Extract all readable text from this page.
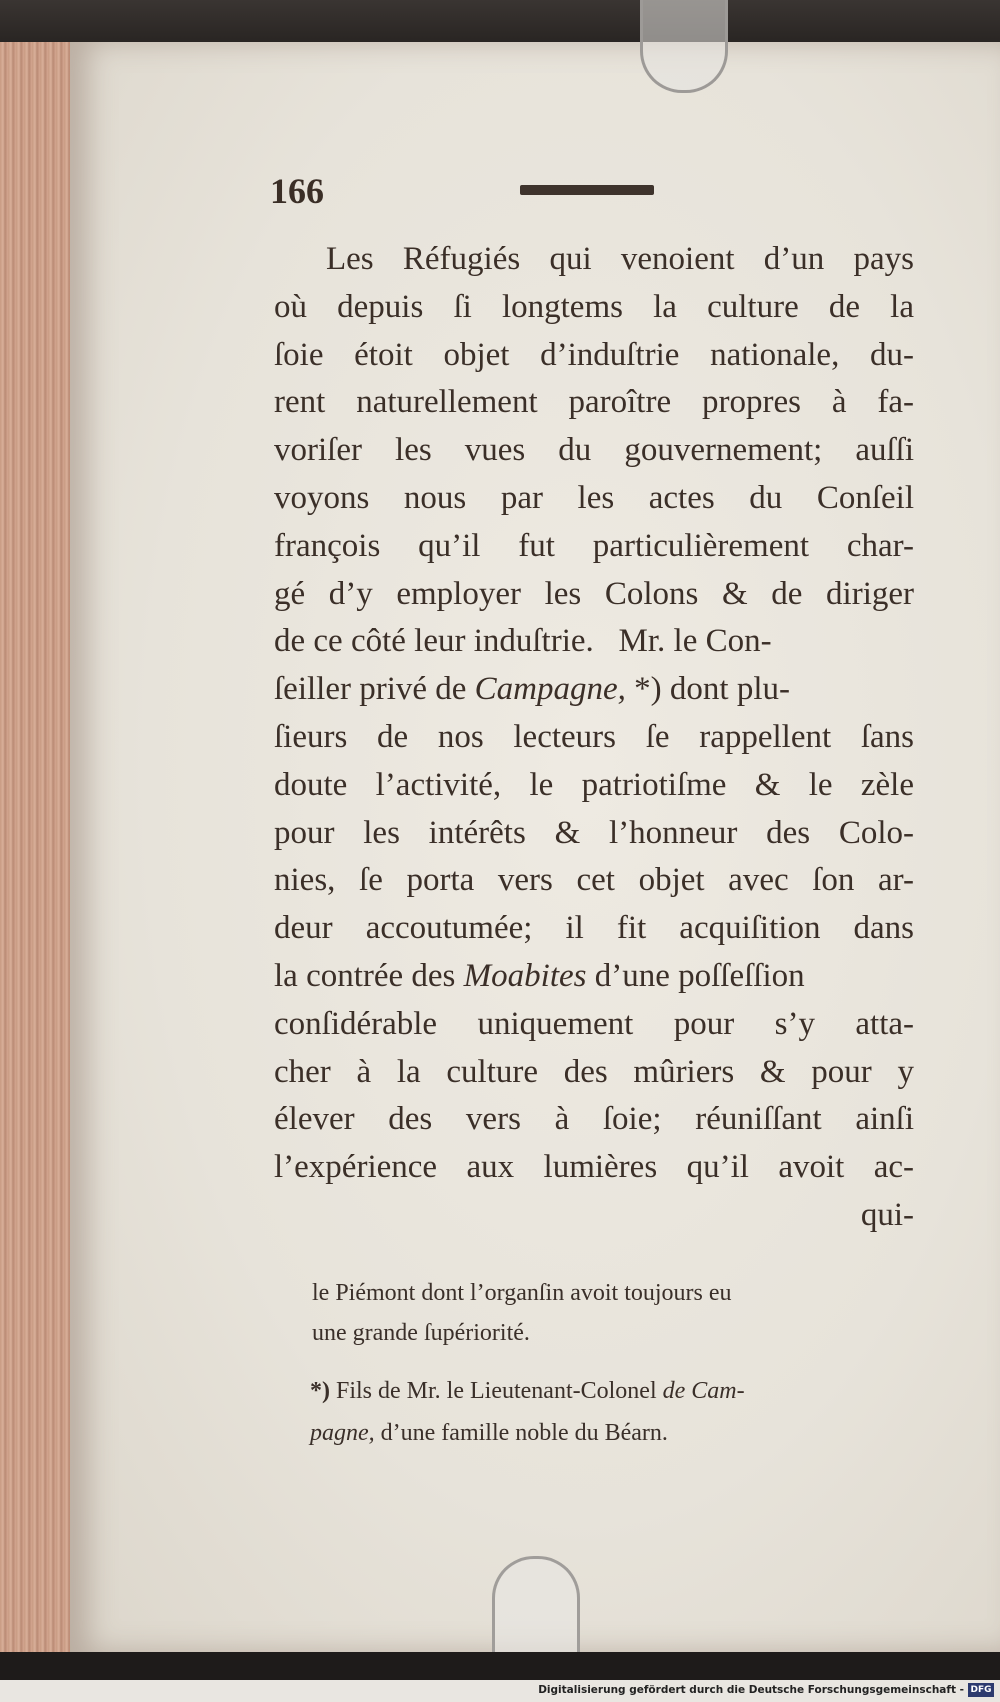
166
Les Réfugiés qui venoient d’un pays
où depuis ſi longtems la culture de la
ſoie étoit objet d’induſtrie nationale, du-
rent naturellement paroître propres à fa-
voriſer les vues du gouvernement; auſſi
voyons nous par les actes du Conſeil
françois qu’il fut particulièrement char-
gé d’y employer les Colons & de diriger
de ce côté leur induſtrie.   Mr. le Con-
ſeiller privé de Campagne, *) dont plu-
ſieurs de nos lecteurs ſe rappellent ſans
doute l’activité, le patriotiſme & le zèle
pour les intérêts & l’honneur des Colo-
nies, ſe porta vers cet objet avec ſon ar-
deur accoutumée; il fit acquiſition dans
la contrée des Moabites d’une poſſeſſion
conſidérable uniquement pour s’y atta-
cher à la culture des mûriers & pour y
élever des vers à ſoie; réuniſſant ainſi
l’expérience aux lumières qu’il avoit ac-
qui-
le Piémont dont l’organſin avoit toujours eu
une grande ſupériorité.
*) Fils de Mr. le Lieutenant-Colonel de Cam-
pagne, d’une famille noble du Béarn.
Digitalisierung gefördert durch die Deutsche Forschungsgemeinschaft - DFG
